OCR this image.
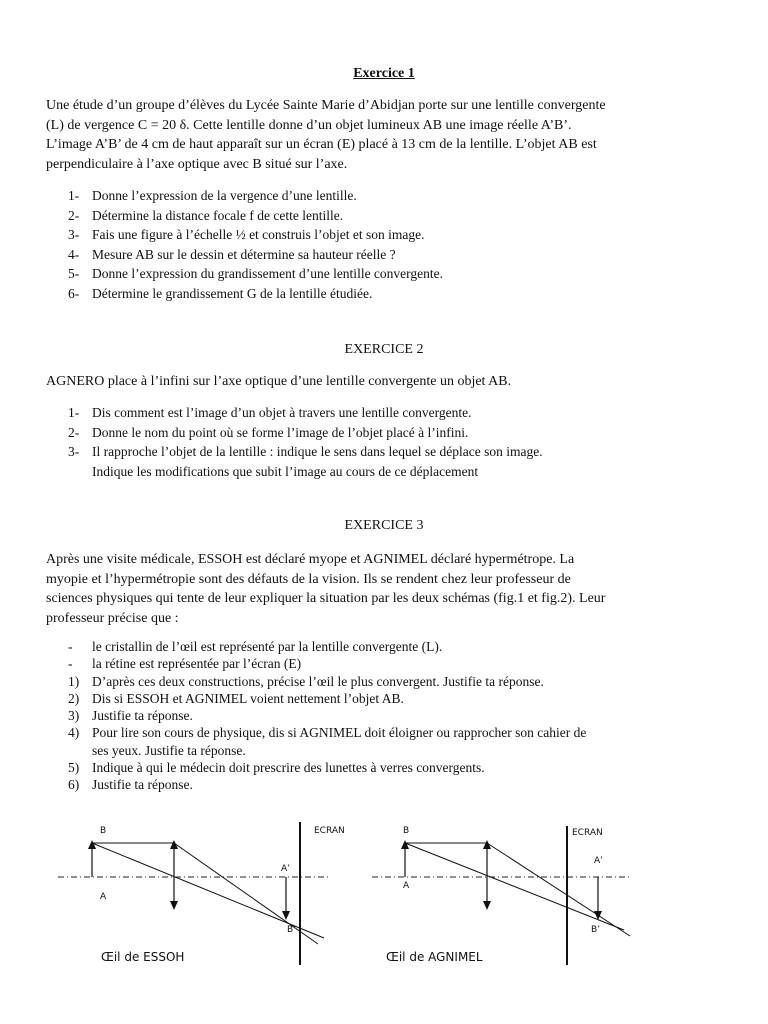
Exercice 1
Une étude d’un groupe d’élèves du Lycée Sainte Marie d’Abidjan porte sur une lentille convergente
(L) de vergence C = 20 δ. Cette lentille donne d’un objet lumineux AB une image réelle A’B’.
L’image A’B’ de 4 cm de haut apparaît sur un écran (E) placé à 13 cm de la lentille. L’objet AB est
perpendiculaire à l’axe optique avec B situé sur l’axe.
1- Donne l’expression de la vergence d’une lentille.
2- Détermine la distance focale f de cette lentille.
3- Fais une figure à l’échelle ½ et construis l’objet et son image.
4- Mesure AB sur le dessin et détermine sa hauteur réelle ?
5- Donne l’expression du grandissement d’une lentille convergente.
6- Détermine le grandissement G de la lentille étudiée.
EXERCICE 2
AGNERO place à l’infini sur l’axe optique d’une lentille convergente un objet AB.
1- Dis comment est l’image d’un objet à travers une lentille convergente.
2- Donne le nom du point où se forme l’image de l’objet placé à l’infini.
3- Il rapproche l’objet de la lentille : indique le sens dans lequel se déplace son image.
Indique les modifications que subit l’image au cours de ce déplacement
EXERCICE 3
Après une visite médicale, ESSOH est déclaré myope et AGNIMEL déclaré hypermétrope. La
myopie et l’hypermétropie sont des défauts de la vision. Ils se rendent chez leur professeur de
sciences physiques qui tente de leur expliquer la situation par les deux schémas (fig.1 et fig.2). Leur
professeur précise que :
- le cristallin de l’œil est représenté par la lentille convergente (L).
- la rétine est représentée par l’écran (E)
1) D’après ces deux constructions, précise l’œil le plus convergent. Justifie ta réponse.
2) Dis si ESSOH et AGNIMEL voient nettement l’objet AB.
3) Justifie ta réponse.
4) Pour lire son cours de physique, dis si AGNIMEL doit éloigner ou rapprocher son cahier de
ses yeux. Justifie ta réponse.
5) Indique à qui le médecin doit prescrire des lunettes à verres convergents.
6) Justifie ta réponse.
B
A
A’
B’
ECRAN
Œil de ESSOH
B
A
A’
B’
ECRAN
Œil de AGNIMEL
